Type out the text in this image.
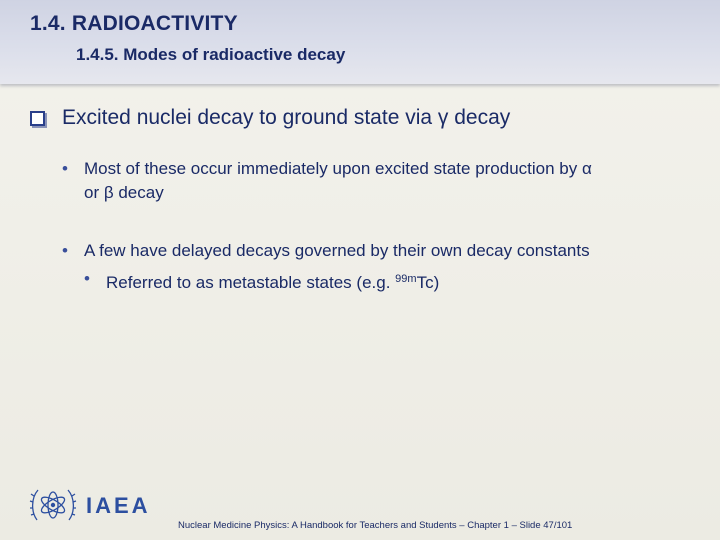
1.4. RADIOACTIVITY
1.4.5. Modes of radioactive decay
Excited nuclei decay to ground state via γ decay
• Most of these occur immediately upon excited state production by α
or β decay
• A few have delayed decays governed by their own decay constants
• Referred to as metastable states (e.g. $^{99m}$Tc)
IAEA
Nuclear Medicine Physics: A Handbook for Teachers and Students – Chapter 1 – Slide 47/101
